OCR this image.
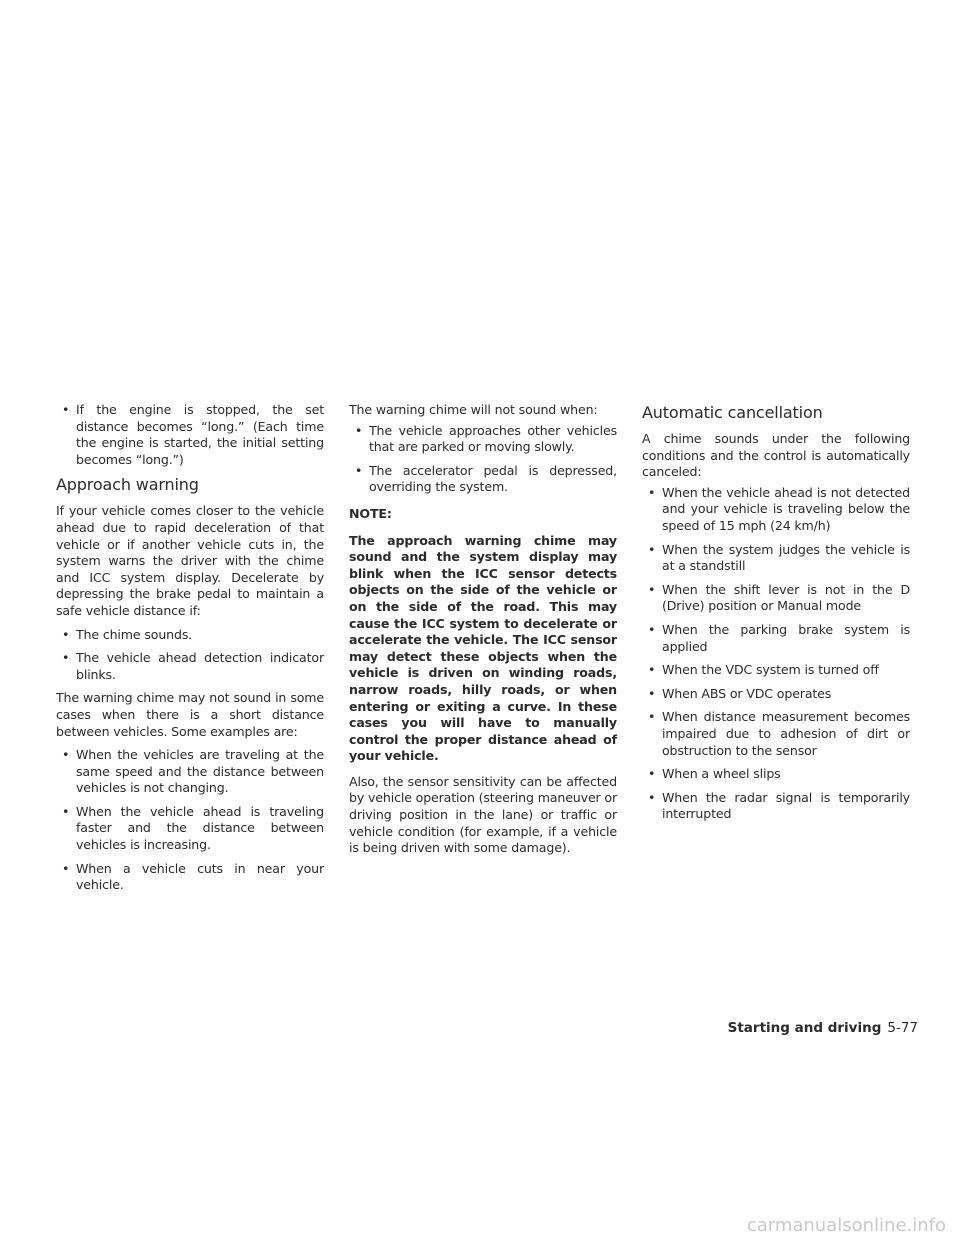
• If the engine is stopped, the set distance becomes “long.” (Each time the engine is started, the initial setting becomes “long.”)
Approach warning

If your vehicle comes closer to the vehicle ahead due to rapid deceleration of that vehicle or if another vehicle cuts in, the system warns the driver with the chime and ICC system display. Decelerate by depressing the brake pedal to maintain a safe vehicle distance if:

• The chime sounds.
• The vehicle ahead detection indicator blinks.

The warning chime may not sound in some cases when there is a short distance between vehicles. Some examples are:

• When the vehicles are traveling at the same speed and the distance between vehicles is not changing.
• When the vehicle ahead is traveling faster and the distance between vehicles is increasing.
• When a vehicle cuts in near your vehicle.

The warning chime will not sound when:

• The vehicle approaches other vehicles that are parked or moving slowly.
• The accelerator pedal is depressed, overriding the system.

NOTE:

The approach warning chime may sound and the system display may blink when the ICC sensor detects objects on the side of the vehicle or on the side of the road. This may cause the ICC system to decelerate or accelerate the vehicle. The ICC sensor may detect these objects when the vehicle is driven on winding roads, narrow roads, hilly roads, or when entering or exiting a curve. In these cases you will have to manually control the proper distance ahead of your vehicle.

Also, the sensor sensitivity can be affected by vehicle operation (steering maneuver or driving position in the lane) or traffic or vehicle condition (for example, if a vehicle is being driven with some damage).

Automatic cancellation

A chime sounds under the following conditions and the control is automatically canceled:

• When the vehicle ahead is not detected and your vehicle is traveling below the speed of 15 mph (24 km/h)
• When the system judges the vehicle is at a standstill
• When the shift lever is not in the D (Drive) position or Manual mode
• When the parking brake system is applied
• When the VDC system is turned off
• When ABS or VDC operates
• When distance measurement becomes impaired due to adhesion of dirt or obstruction to the sensor
• When a wheel slips
• When the radar signal is temporarily interrupted
Starting and driving 5-77
carmanualsonline.info
